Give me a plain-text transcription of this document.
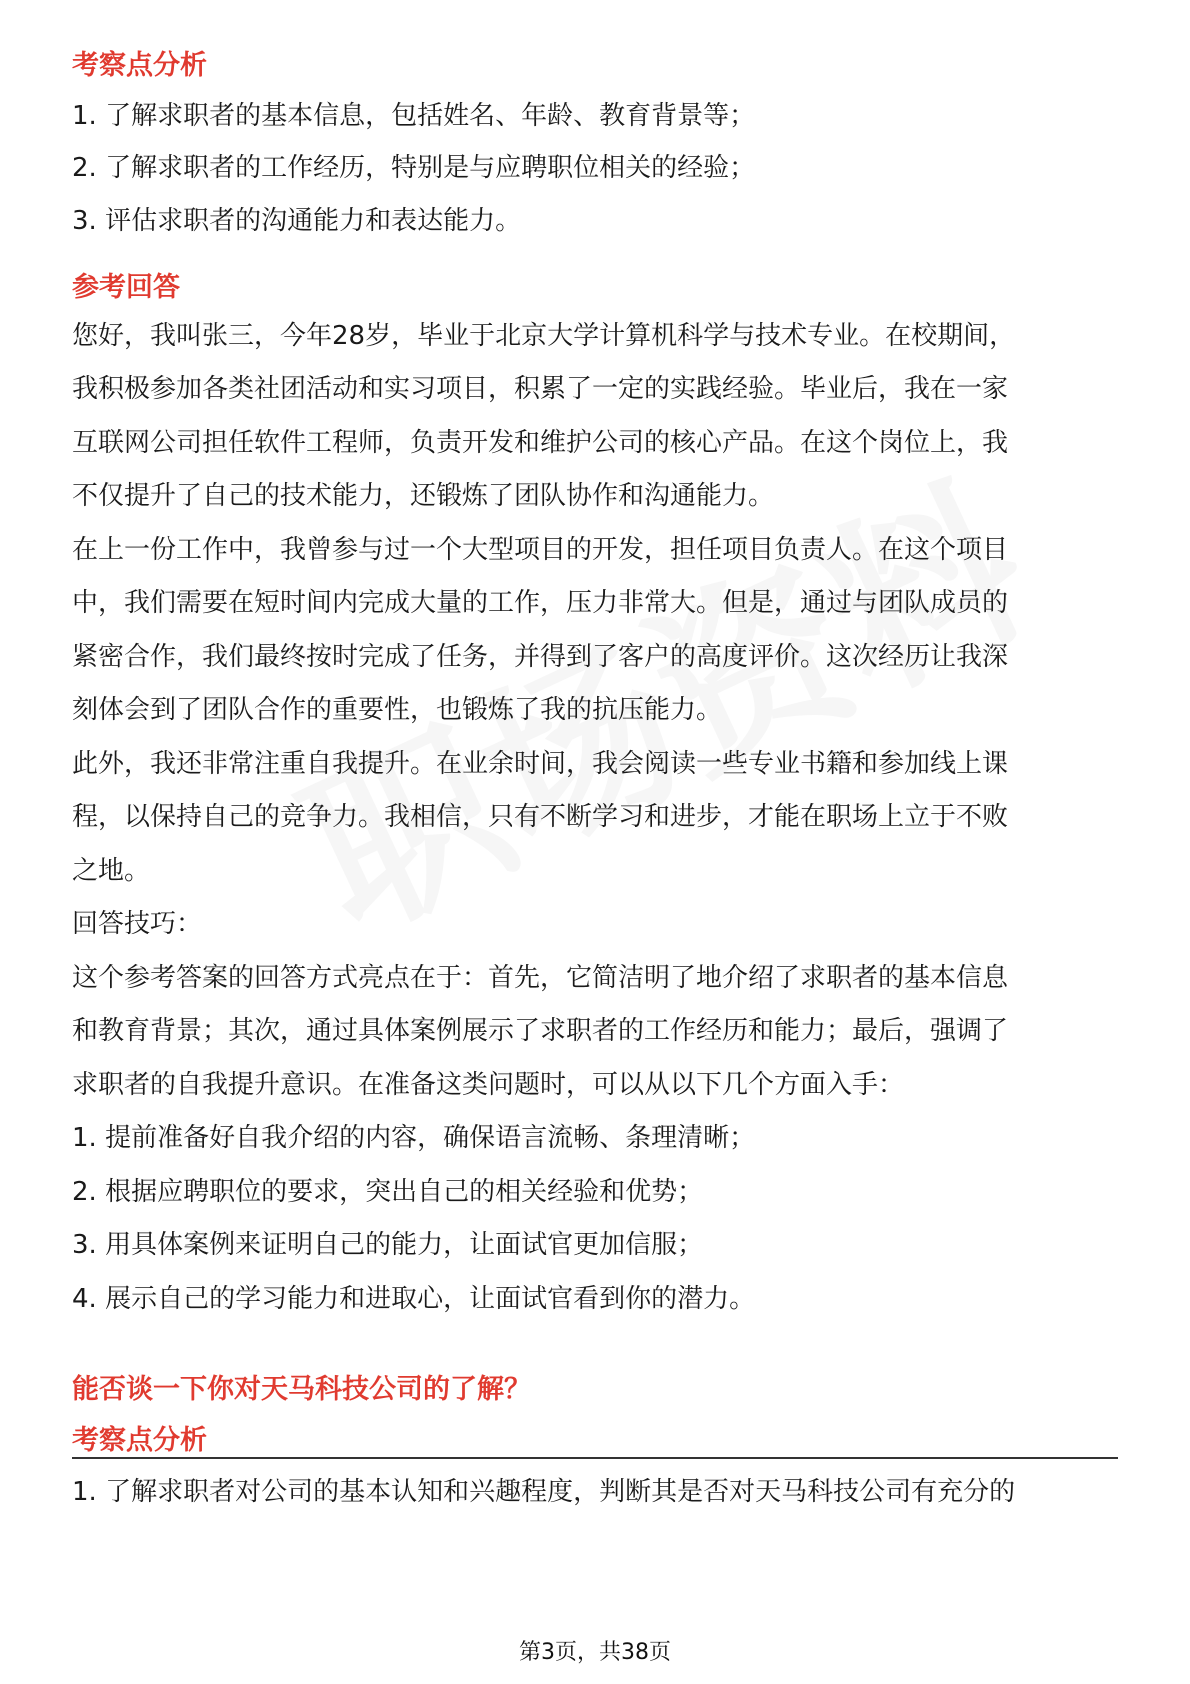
考察点分析
1. 了解求职者的基本信息，包括姓名、年龄、教育背景等；
2. 了解求职者的工作经历，特别是与应聘职位相关的经验；
3. 评估求职者的沟通能力和表达能力。
参考回答
您好，我叫张三，今年28岁，毕业于北京大学计算机科学与技术专业。在校期间，
我积极参加各类社团活动和实习项目，积累了一定的实践经验。毕业后，我在一家
互联网公司担任软件工程师，负责开发和维护公司的核心产品。在这个岗位上，我
不仅提升了自己的技术能力，还锻炼了团队协作和沟通能力。
在上一份工作中，我曾参与过一个大型项目的开发，担任项目负责人。在这个项目
中，我们需要在短时间内完成大量的工作，压力非常大。但是，通过与团队成员的
紧密合作，我们最终按时完成了任务，并得到了客户的高度评价。这次经历让我深
刻体会到了团队合作的重要性，也锻炼了我的抗压能力。
此外，我还非常注重自我提升。在业余时间，我会阅读一些专业书籍和参加线上课
程，以保持自己的竞争力。我相信，只有不断学习和进步，才能在职场上立于不败
之地。
回答技巧：
这个参考答案的回答方式亮点在于：首先，它简洁明了地介绍了求职者的基本信息
和教育背景；其次，通过具体案例展示了求职者的工作经历和能力；最后，强调了
求职者的自我提升意识。在准备这类问题时，可以从以下几个方面入手：
1. 提前准备好自我介绍的内容，确保语言流畅、条理清晰；
2. 根据应聘职位的要求，突出自己的相关经验和优势；
3. 用具体案例来证明自己的能力，让面试官更加信服；
4. 展示自己的学习能力和进取心，让面试官看到你的潜力。
能否谈一下你对天马科技公司的了解？
考察点分析
1. 了解求职者对公司的基本认知和兴趣程度，判断其是否对天马科技公司有充分的
第3页，共38页
